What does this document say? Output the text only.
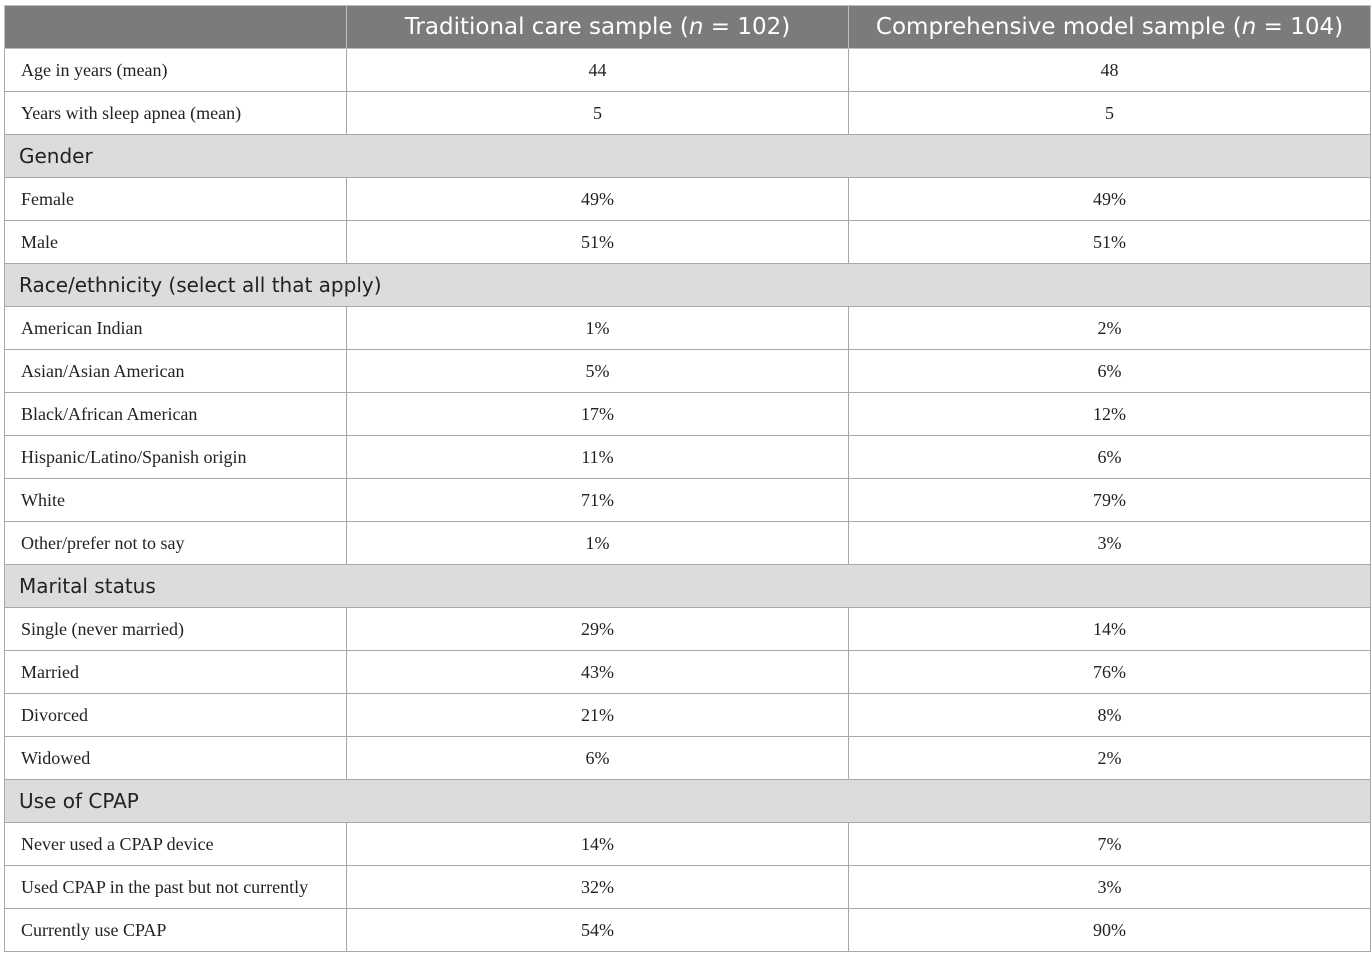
	Traditional care sample (n = 102)	Comprehensive model sample (n = 104)
Age in years (mean)	44	48
Years with sleep apnea (mean)	5	5
Gender		
Female	49%	49%
Male	51%	51%
Race/ethnicity (select all that apply)		
American Indian	1%	2%
Asian/Asian American	5%	6%
Black/African American	17%	12%
Hispanic/Latino/Spanish origin	11%	6%
White	71%	79%
Other/prefer not to say	1%	3%
Marital status		
Single (never married)	29%	14%
Married	43%	76%
Divorced	21%	8%
Widowed	6%	2%
Use of CPAP		
Never used a CPAP device	14%	7%
Used CPAP in the past but not currently	32%	3%
Currently use CPAP	54%	90%
